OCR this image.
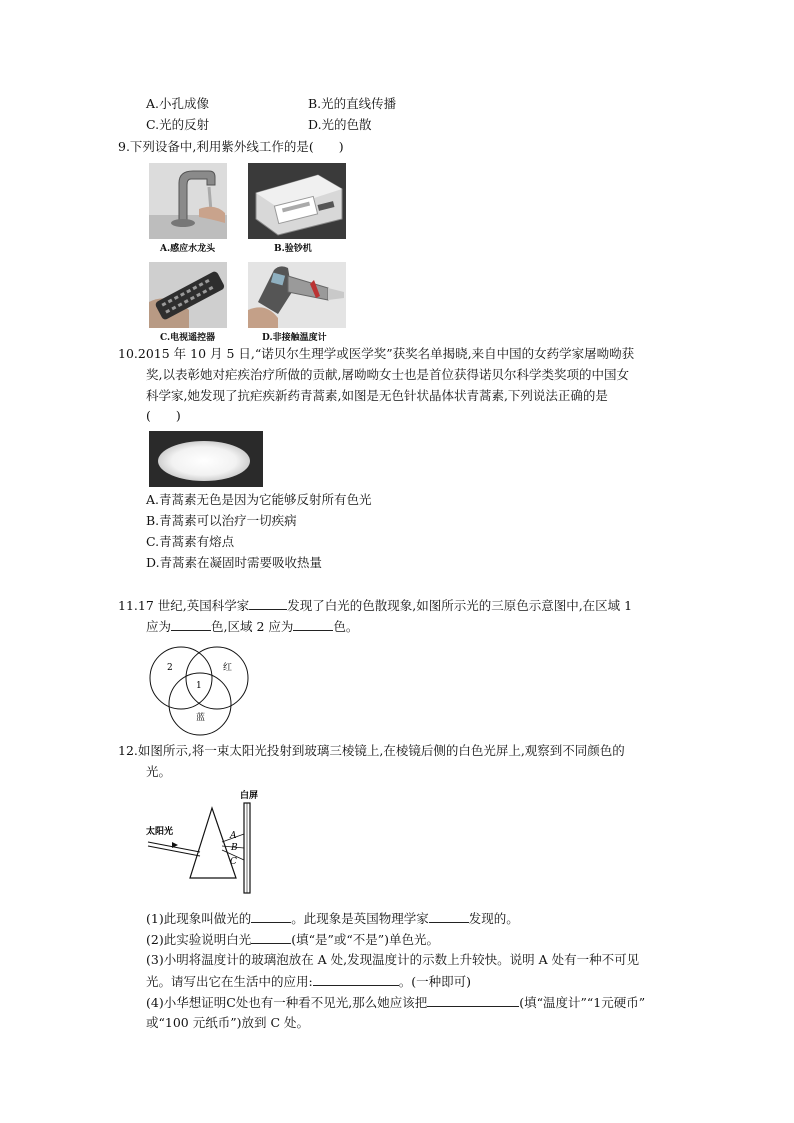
A.小孔成像	B.光的直线传播
C.光的反射	D.光的色散
9.下列设备中,利用紫外线工作的是(　　)
A.感应水龙头	B.验钞机
C.电视遥控器	D.非接触温度计
10.2015 年 10 月 5 日,“诺贝尔生理学或医学奖”获奖名单揭晓,来自中国的女药学家屠呦呦获
奖,以表彰她对疟疾治疗所做的贡献,屠呦呦女士也是首位获得诺贝尔科学类奖项的中国女
科学家,她发现了抗疟疾新药青蒿素,如图是无色针状晶体状青蒿素,下列说法正确的是
(　　)
A.青蒿素无色是因为它能够反射所有色光
B.青蒿素可以治疗一切疾病
C.青蒿素有熔点
D.青蒿素在凝固时需要吸收热量
11.17 世纪,英国科学家	发现了白光的色散现象,如图所示光的三原色示意图中,在区域 1
应为	色,区域 2 应为	色。
2	红
1
蓝
12.如图所示,将一束太阳光投射到玻璃三棱镜上,在棱镜后侧的白色光屏上,观察到不同颜色的
光。
白屏
太阳光	A
B
C
(1)此现象叫做光的	。此现象是英国物理学家	发现的。
(2)此实验说明白光	(填“是”或“不是”)单色光。
(3)小明将温度计的玻璃泡放在 A 处,发现温度计的示数上升较快。说明 A 处有一种不可见
光。请写出它在生活中的应用:	。(一种即可)
(4)小华想证明C处也有一种看不见光,那么她应该把	(填“温度计”“1元硬币”
或“100 元纸币”)放到 C 处。
